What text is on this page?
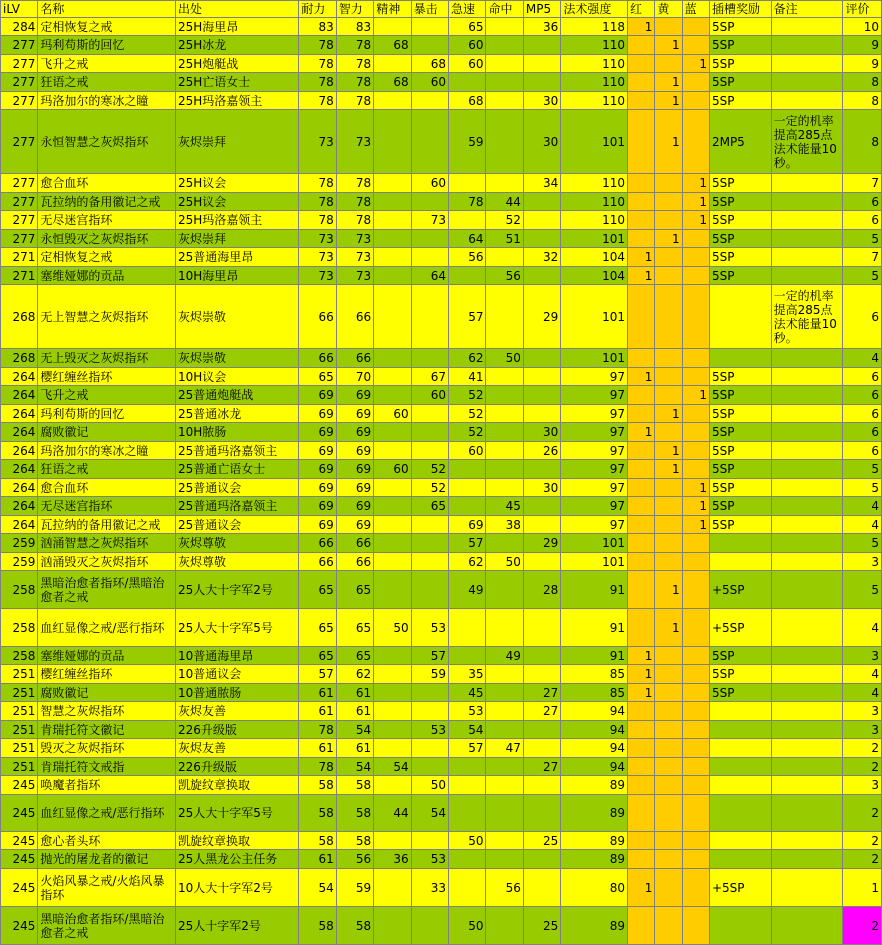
iLV	名称	出处	耐力	智力	精神	暴击	急速	命中	MP5	法术强度	红	黄	蓝	插槽奖励	备注	评价
284	定相恢复之戒	25H海里昂	83	83			65		36	118	1			5SP		10
277	玛利苟斯的回忆	25H冰龙	78	78	68		60			110		1		5SP		9
277	飞升之戒	25H炮艇战	78	78		68	60			110			1	5SP		9
277	狂语之戒	25H亡语女士	78	78	68	60				110		1		5SP		8
277	玛洛加尔的寒冰之瞳	25H玛洛嘉领主	78	78			68		30	110		1		5SP		8
277	永恒智慧之灰烬指环	灰烬崇拜	73	73			59		30	101		1		2MP5	一定的机率提高285点法术能量10秒。	8
277	愈合血环	25H议会	78	78		60			34	110			1	5SP		7
277	瓦拉纳的备用徽记之戒	25H议会	78	78			78	44		110			1	5SP		6
277	无尽迷宫指环	25H玛洛嘉领主	78	78		73		52		110			1	5SP		6
277	永恒毁灭之灰烬指环	灰烬崇拜	73	73			64	51		101		1		5SP		5
271	定相恢复之戒	25普通海里昂	73	73			56		32	104	1			5SP		7
271	塞维娅娜的贡品	10H海里昂	73	73		64		56		104	1			5SP		5
268	无上智慧之灰烬指环	灰烬崇敬	66	66			57		29	101					一定的机率提高285点法术能量10秒。	6
268	无上毁灭之灰烬指环	灰烬崇敬	66	66			62	50		101						4
264	樱红缠丝指环	10H议会	65	70		67	41			97	1			5SP		6
264	飞升之戒	25普通炮艇战	69	69		60	52			97			1	5SP		6
264	玛利苟斯的回忆	25普通冰龙	69	69	60		52			97		1		5SP		6
264	腐败徽记	10H脓肠	69	69			52		30	97	1			5SP		6
264	玛洛加尔的寒冰之瞳	25普通玛洛嘉领主	69	69			60		26	97		1		5SP		6
264	狂语之戒	25普通亡语女士	69	69	60	52				97		1		5SP		5
264	愈合血环	25普通议会	69	69		52			30	97			1	5SP		5
264	无尽迷宫指环	25普通玛洛嘉领主	69	69		65		45		97			1	5SP		4
264	瓦拉纳的备用徽记之戒	25普通议会	69	69			69	38		97			1	5SP		4
259	汹涌智慧之灰烬指环	灰烬尊敬	66	66			57		29	101						5
259	汹涌毁灭之灰烬指环	灰烬尊敬	66	66			62	50		101						3
258	黑暗治愈者指环/黑暗治愈者之戒	25人大十字军2号	65	65			49		28	91		1		+5SP		5
258	血红显像之戒/恶行指环	25人大十字军5号	65	65	50	53				91		1		+5SP		4
258	塞维娅娜的贡品	10普通海里昂	65	65		57		49		91	1			5SP		3
251	樱红缠丝指环	10普通议会	57	62		59	35			85	1			5SP		4
251	腐败徽记	10普通脓肠	61	61			45		27	85	1			5SP		4
251	智慧之灰烬指环	灰烬友善	61	61			53		27	94						3
251	肯瑞托符文徽记	226升级版	78	54		53	54			94						3
251	毁灭之灰烬指环	灰烬友善	61	61			57	47		94						2
251	肯瑞托符文戒指	226升级版	78	54	54				27	94						2
245	唤魔者指环	凯旋纹章换取	58	58		50				89						3
245	血红显像之戒/恶行指环	25人大十字军5号	58	58	44	54				89						2
245	愈心者头环	凯旋纹章换取	58	58			50		25	89						2
245	抛光的屠龙者的徽记	25人黑龙公主任务	61	56	36	53				89						2
245	火焰风暴之戒/火焰风暴指环	10人大十字军2号	54	59		33		56		80	1			+5SP		1
245	黑暗治愈者指环/黑暗治愈者之戒	25人十字军2号	58	58			50		25	89						2
